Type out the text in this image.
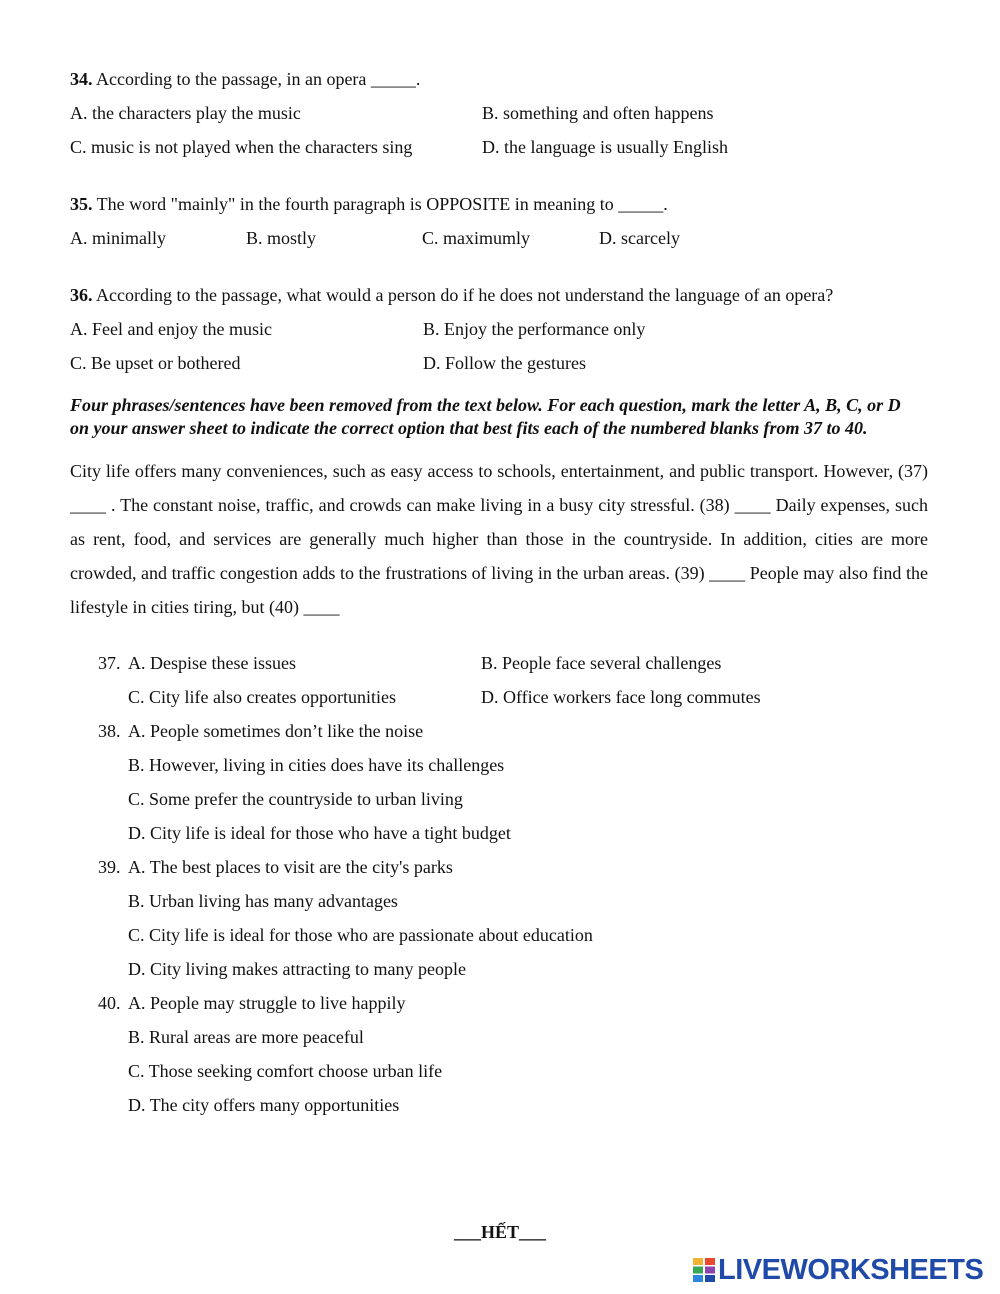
34. According to the passage, in an opera _____.
A. the characters play the music	B. something and often happens
C. music is not played when the characters sing	D. the language is usually English
35. The word "mainly" in the fourth paragraph is OPPOSITE in meaning to _____.
A. minimally	B. mostly	C. maximumly	D. scarcely
36. According to the passage, what would a person do if he does not understand the language of an opera?
A. Feel and enjoy the music	B. Enjoy the performance only
C. Be upset or bothered	D. Follow the gestures
Four phrases/sentences have been removed from the text below. For each question, mark the letter A, B, C, or D on your answer sheet to indicate the correct option that best fits each of the numbered blanks from 37 to 40.
City life offers many conveniences, such as easy access to schools, entertainment, and public transport. However, (37) ____ . The constant noise, traffic, and crowds can make living in a busy city stressful. (38) ____ Daily expenses, such as rent, food, and services are generally much higher than those in the countryside. In addition, cities are more crowded, and traffic congestion adds to the frustrations of living in the urban areas. (39) ____ People may also find the lifestyle in cities tiring, but (40) ____
37. A. Despise these issues	B. People face several challenges
C. City life also creates opportunities	D. Office workers face long commutes
38. A. People sometimes don’t like the noise
B. However, living in cities does have its challenges
C. Some prefer the countryside to urban living
D. City life is ideal for those who have a tight budget
39. A. The best places to visit are the city's parks
B. Urban living has many advantages
C. City life is ideal for those who are passionate about education
D. City living makes attracting to many people
40. A. People may struggle to live happily
B. Rural areas are more peaceful
C. Those seeking comfort choose urban life
D. The city offers many opportunities
___HẾT___
LIVEWORKSHEETS
